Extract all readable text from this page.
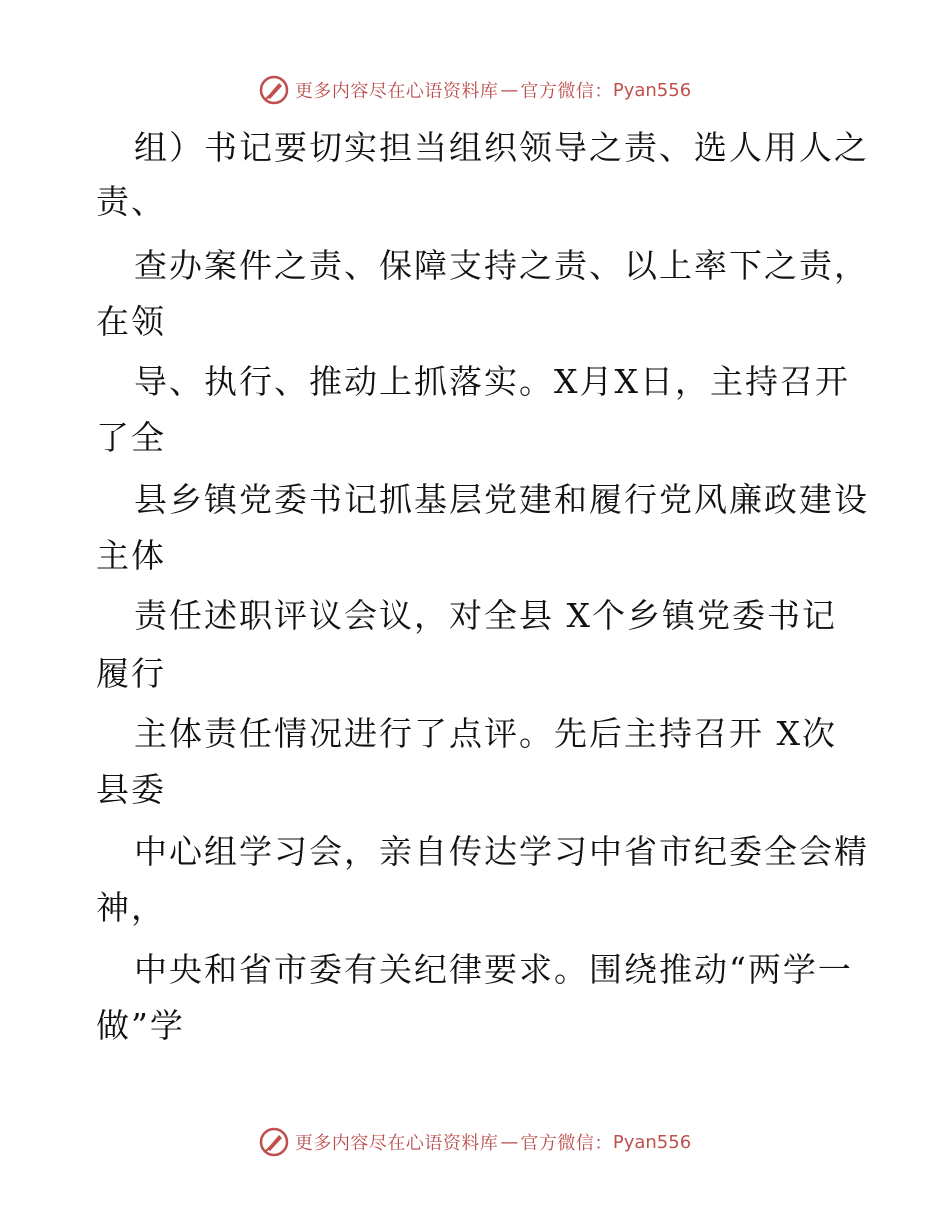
更多内容尽在心语资料库 — 官方微信： Pyan556
组）书记要切实担当组织领导之责、选人用人之
责、
查办案件之责、保障支持之责、以上率下之责，
在领
导、执行、推动上抓落实。X月X日，主持召开
了全
县乡镇党委书记抓基层党建和履行党风廉政建设
主体
责任述职评议会议，对全县 X个乡镇党委书记
履行
主体责任情况进行了点评。先后主持召开 X次
县委
中心组学习会，亲自传达学习中省市纪委全会精
神，
中央和省市委有关纪律要求。围绕推动“两学一
做”学
更多内容尽在心语资料库 — 官方微信： Pyan556
